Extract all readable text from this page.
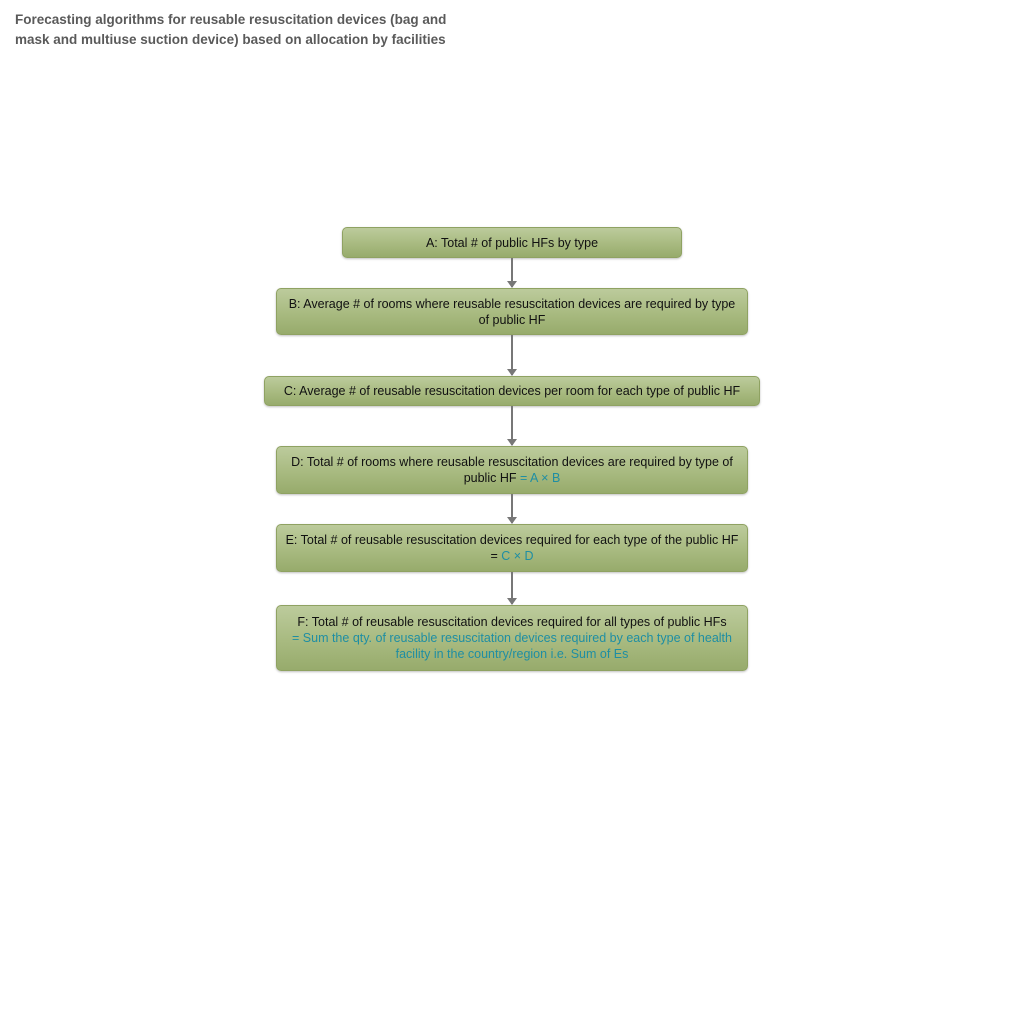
Forecasting algorithms for reusable resuscitation devices (bag and
mask and multiuse suction device) based on allocation by facilities
A: Total # of public HFs by type
B: Average # of rooms where reusable resuscitation devices are required by type
of public HF
C: Average # of reusable resuscitation devices per room for each type of public HF
D: Total # of rooms where reusable resuscitation devices are required by type of
public HF = A × B
E: Total # of reusable resuscitation devices required for each type of the public HF
= C × D
F: Total # of reusable resuscitation devices required for all types of public HFs
= Sum the qty. of reusable resuscitation devices required by each type of health
facility in the country/region i.e. Sum of Es
